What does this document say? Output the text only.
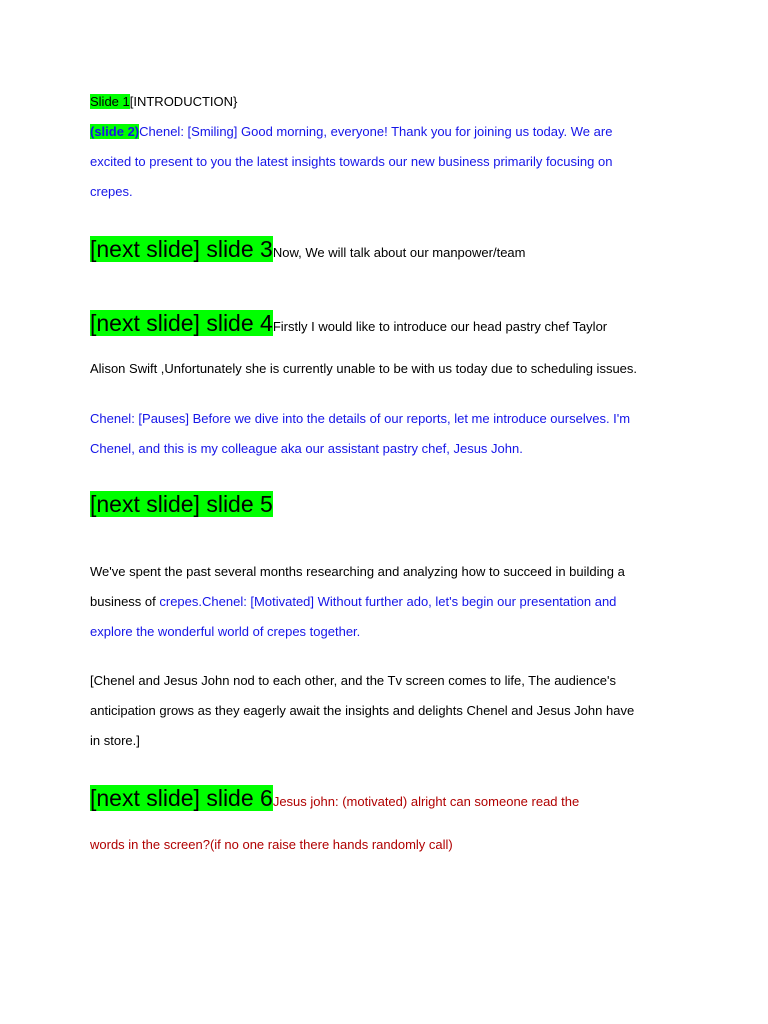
Slide 1[INTRODUCTION}
(slide 2)Chenel: [Smiling] Good morning, everyone! Thank you for joining us today. We are
excited to present to you the latest insights towards our new business primarily focusing on
crepes.
[next slide] slide 3Now, We will talk about our manpower/team
[next slide] slide 4Firstly I would like to introduce our head pastry chef Taylor
Alison Swift ,Unfortunately she is currently unable to be with us today due to scheduling issues.
Chenel: [Pauses] Before we dive into the details of our reports, let me introduce ourselves. I'm
Chenel, and this is my colleague aka our assistant pastry chef, Jesus John.
[next slide] slide 5
We've spent the past several months researching and analyzing how to succeed in building a
business of crepes.Chenel: [Motivated] Without further ado, let's begin our presentation and
explore the wonderful world of crepes together.
[Chenel and Jesus John nod to each other, and the Tv screen comes to life, The audience's
anticipation grows as they eagerly await the insights and delights Chenel and Jesus John have
in store.]
[next slide] slide 6Jesus john: (motivated) alright can someone read the
words in the screen?(if no one raise there hands randomly call)
